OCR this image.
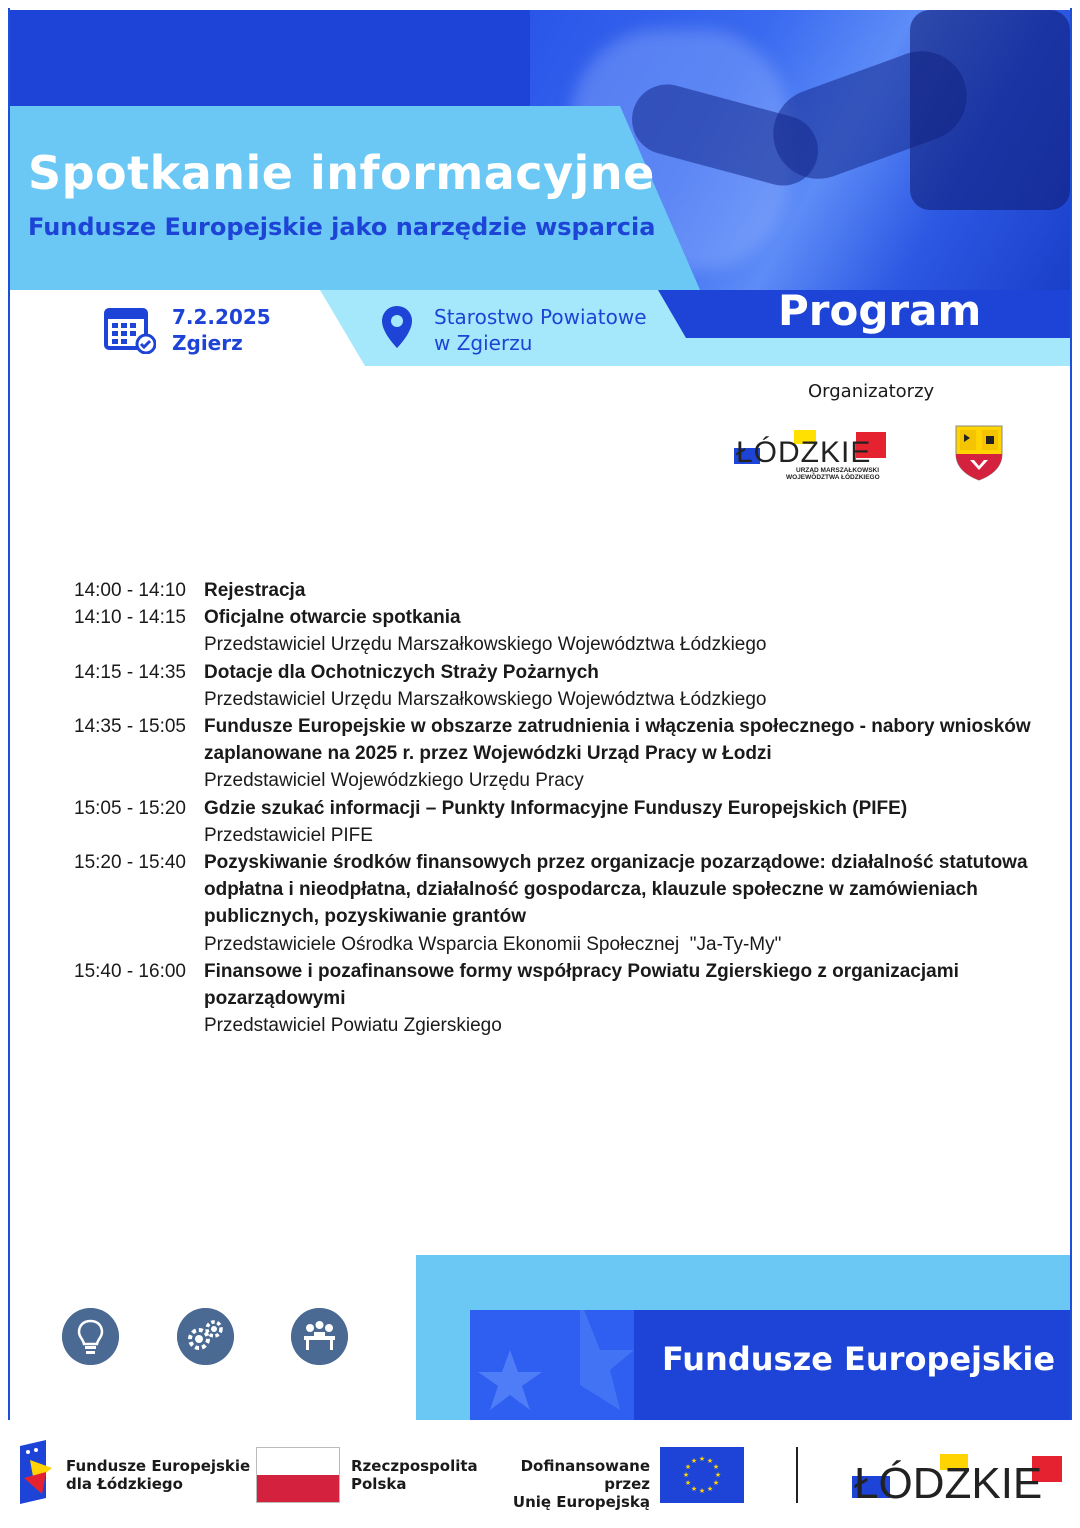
Spotkanie informacyjne
Fundusze Europejskie jako narzędzie wsparcia
Program
7.2.2025
Zgierz
Starostwo Powiatowe
w Zgierzu
Organizatorzy
ŁÓDZKIE
URZĄD MARSZAŁKOWSKI
WOJEWÓDZTWA ŁÓDZKIEGO
14:00 - 14:10 Rejestracja
14:10 - 14:15 Oficjalne otwarcie spotkania
Przedstawiciel Urzędu Marszałkowskiego Województwa Łódzkiego
14:15 - 14:35 Dotacje dla Ochotniczych Straży Pożarnych
Przedstawiciel Urzędu Marszałkowskiego Województwa Łódzkiego
14:35 - 15:05 Fundusze Europejskie w obszarze zatrudnienia i włączenia społecznego - nabory wniosków zaplanowane na 2025 r. przez Wojewódzki Urząd Pracy w Łodzi
Przedstawiciel Wojewódzkiego Urzędu Pracy
15:05 - 15:20 Gdzie szukać informacji – Punkty Informacyjne Funduszy Europejskich (PIFE)
Przedstawiciel PIFE
15:20 - 15:40 Pozyskiwanie środków finansowych przez organizacje pozarządowe: działalność statutowa odpłatna i nieodpłatna, działalność gospodarcza, klauzule społeczne w zamówieniach publicznych, pozyskiwanie grantów
Przedstawiciele Ośrodka Wsparcia Ekonomii Społecznej  "Ja-Ty-My"
15:40 - 16:00 Finansowe i pozafinansowe formy współpracy Powiatu Zgierskiego z organizacjami pozarządowymi
Przedstawiciel Powiatu Zgierskiego
Fundusze Europejskie
Fundusze Europejskie
dla Łódzkiego
Rzeczpospolita
Polska
Dofinansowane przez
Unię Europejską
★ ★
★
★
★
★
★
★
★
★
★
★	ŁÓDZKIE
